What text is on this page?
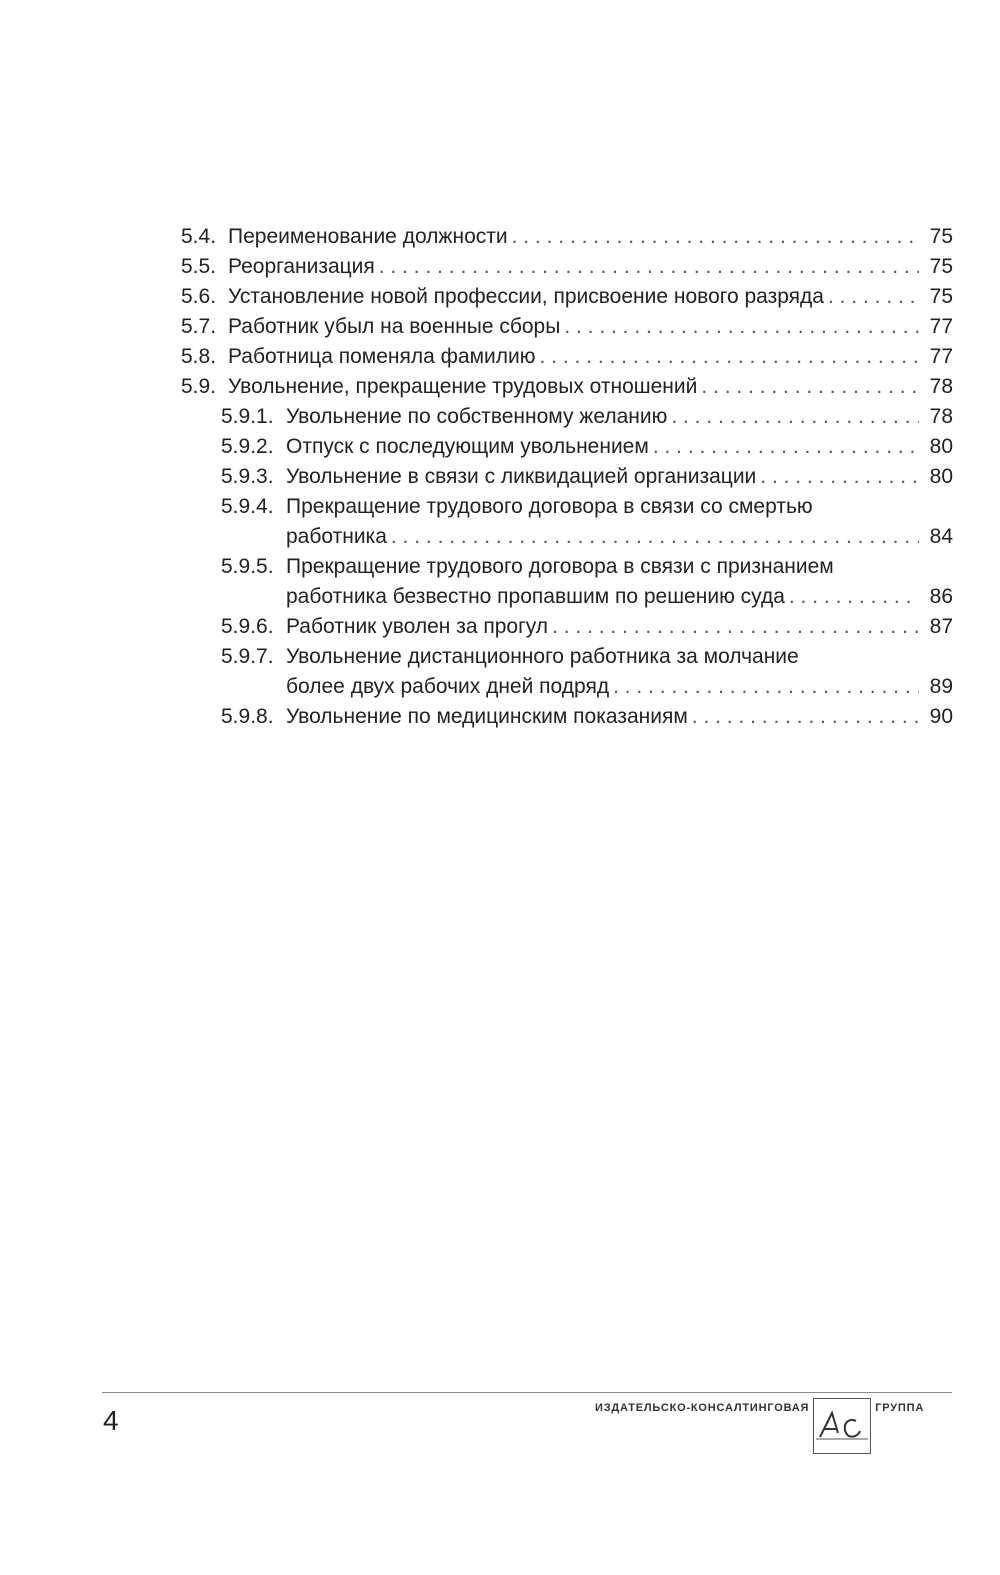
5.4. Переименование должности . . .	75
5.5. Реорганизация . . .	75
5.6. Установление новой профессии, присвоение нового разряда . . .	75
5.7. Работник убыл на военные сборы . . .	77
5.8. Работница поменяла фамилию . . .	77
5.9. Увольнение, прекращение трудовых отношений . . .	78
5.9.1. Увольнение по собственному желанию . . .	78
5.9.2. Отпуск с последующим увольнением . . .	80
5.9.3. Увольнение в связи с ликвидацией организации . . .	80
5.9.4. Прекращение трудового договора в связи со смертью
работника . . .	84
5.9.5. Прекращение трудового договора в связи с признанием
работника безвестно пропавшим по решению суда . . .	86
5.9.6. Работник уволен за прогул . . .	87
5.9.7. Увольнение дистанционного работника за молчание
более двух рабочих дней подряд . . .	89
5.9.8. Увольнение по медицинским показаниям . . .	90
4	ИЗДАТЕЛЬСКО-КОНСАЛТИНГОВАЯ	ГРУППА
